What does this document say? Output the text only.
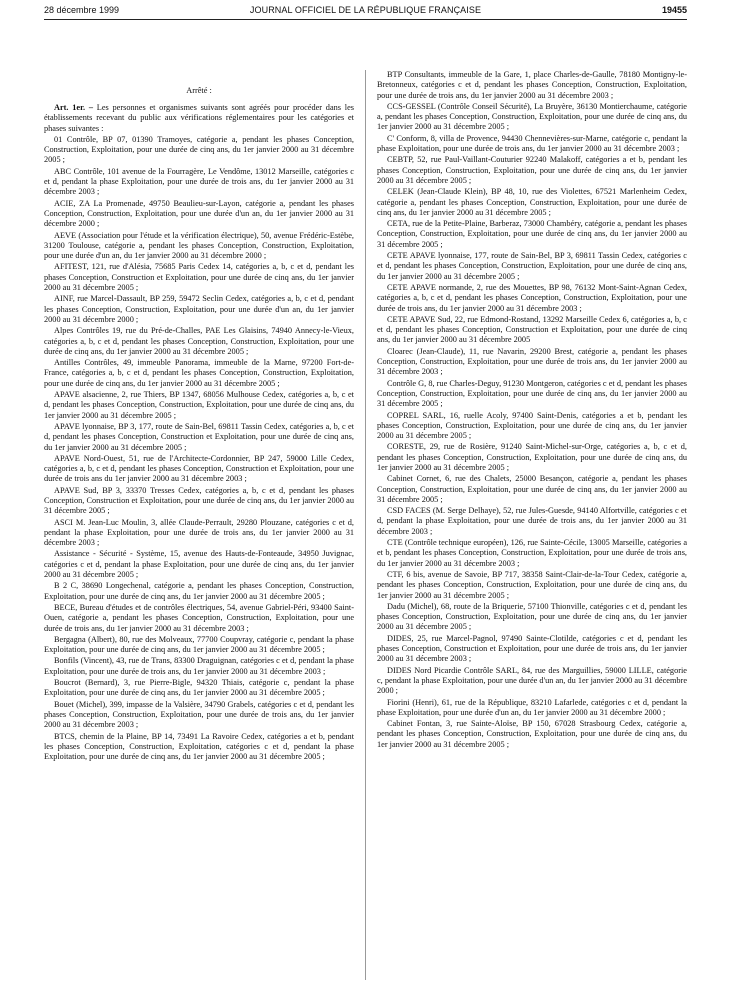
28 décembre 1999	JOURNAL OFFICIEL DE LA RÉPUBLIQUE FRANÇAISE	19455
Arrêté :

Art. 1er. – Les personnes et organismes suivants sont agréés pour procéder dans les établissements recevant du public aux vérifications réglementaires pour les catégories et phases suivantes :

01 Contrôle, BP 07, 01390 Tramoyes, catégorie a, pendant les phases Conception, Construction, Exploitation, pour une durée de cinq ans, du 1er janvier 2000 au 31 décembre 2005 ;

ABC Contrôle, 101 avenue de la Fourragère, Le Vendôme, 13012 Marseille, catégories c et d, pendant la phase Exploitation, pour une durée de trois ans, du 1er janvier 2000 au 31 décembre 2003 ;

ACIE, ZA La Promenade, 49750 Beaulieu-sur-Layon, catégorie a, pendant les phases Conception, Construction, Exploitation, pour une durée d'un an, du 1er janvier 2000 au 31 décembre 2000 ;

AEVE (Association pour l'étude et la vérification électrique), 50, avenue Frédéric-Estèbe, 31200 Toulouse, catégorie a, pendant les phases Conception, Construction, Exploitation, pour une durée d'un an, du 1er janvier 2000 au 31 décembre 2000 ;

AFITEST, 121, rue d'Alésia, 75685 Paris Cedex 14, catégories a, b, c et d, pendant les phases Conception, Construction et Exploitation, pour une durée de cinq ans, du 1er janvier 2000 au 31 décembre 2005 ;

AINF, rue Marcel-Dassault, BP 259, 59472 Seclin Cedex, catégories a, b, c et d, pendant les phases Conception, Construction, Exploitation, pour une durée d'un an, du 1er janvier 2000 au 31 décembre 2000 ;

Alpes Contrôles 19, rue du Pré-de-Challes, PAE Les Glaisins, 74940 Annecy-le-Vieux, catégories a, b, c et d, pendant les phases Conception, Construction, Exploitation, pour une durée de cinq ans, du 1er janvier 2000 au 31 décembre 2005 ;

Antilles Contrôles, 49, immeuble Panorama, immeuble de la Marne, 97200 Fort-de-France, catégories a, b, c et d, pendant les phases Conception, Construction, Exploitation, pour une durée de cinq ans, du 1er janvier 2000 au 31 décembre 2005 ;

APAVE alsacienne, 2, rue Thiers, BP 1347, 68056 Mulhouse Cedex, catégories a, b, c et d, pendant les phases Conception, Construction, Exploitation, pour une durée de cinq ans, du 1er janvier 2000 au 31 décembre 2005 ;

APAVE lyonnaise, BP 3, 177, route de Sain-Bel, 69811 Tassin Cedex, catégories a, b, c et d, pendant les phases Conception, Construction et Exploitation, pour une durée de cinq ans, du 1er janvier 2000 au 31 décembre 2005 ;

APAVE Nord-Ouest, 51, rue de l'Architecte-Cordonnier, BP 247, 59000 Lille Cedex, catégories a, b, c et d, pendant les phases Conception, Construction et Exploitation, pour une durée de trois ans du 1er janvier 2000 au 31 décembre 2003 ;

APAVE Sud, BP 3, 33370 Tresses Cedex, catégories a, b, c et d, pendant les phases Conception, Construction et Exploitation, pour une durée de cinq ans, du 1er janvier 2000 au 31 décembre 2005 ;

ASCI M. Jean-Luc Moulin, 3, allée Claude-Perrault, 29280 Plouzane, catégories c et d, pendant la phase Exploitation, pour une durée de trois ans, du 1er janvier 2000 au 31 décembre 2003 ;

Assistance - Sécurité - Système, 15, avenue des Hauts-de-Fonteaude, 34950 Juvignac, catégories c et d, pendant la phase Exploitation, pour une durée de cinq ans, du 1er janvier 2000 au 31 décembre 2005 ;

B 2 C, 38690 Longechenal, catégorie a, pendant les phases Conception, Construction, Exploitation, pour une durée de cinq ans, du 1er janvier 2000 au 31 décembre 2005 ;

BECE, Bureau d'études et de contrôles électriques, 54, avenue Gabriel-Péri, 93400 Saint-Ouen, catégorie a, pendant les phases Conception, Construction, Exploitation, pour une durée de trois ans, du 1er janvier 2000 au 31 décembre 2003 ;

Bergagna (Albert), 80, rue des Molveaux, 77700 Coupvray, catégorie c, pendant la phase Exploitation, pour une durée de cinq ans, du 1er janvier 2000 au 31 décembre 2005 ;

Bonfils (Vincent), 43, rue de Trans, 83300 Draguignan, catégories c et d, pendant la phase Exploitation, pour une durée de trois ans, du 1er janvier 2000 au 31 décembre 2003 ;

Boucrot (Bernard), 3, rue Pierre-Bigle, 94320 Thiais, catégorie c, pendant la phase Exploitation, pour une durée de cinq ans, du 1er janvier 2000 au 31 décembre 2005 ;

Bouet (Michel), 399, impasse de la Valsière, 34790 Grabels, catégories c et d, pendant les phases Conception, Construction, Exploitation, pour une durée de trois ans, du 1er janvier 2000 au 31 décembre 2003 ;

BTCS, chemin de la Plaine, BP 14, 73491 La Ravoire Cedex, catégories a et b, pendant les phases Conception, Construction, Exploitation, catégories c et d, pendant la phase Exploitation, pour une durée de cinq ans, du 1er janvier 2000 au 31 décembre 2005 ;

BTP Consultants, immeuble de la Gare, 1, place Charles-de-Gaulle, 78180 Montigny-le-Bretonneux, catégories c et d, pendant les phases Conception, Construction, Exploitation, pour une durée de trois ans, du 1er janvier 2000 au 31 décembre 2003 ;

CCS-GESSEL (Contrôle Conseil Sécurité), La Bruyère, 36130 Montierchaume, catégorie a, pendant les phases Conception, Construction, Exploitation, pour une durée de cinq ans, du 1er janvier 2000 au 31 décembre 2005 ;

C' Conform, 8, villa de Provence, 94430 Chennevières-sur-Marne, catégorie c, pendant la phase Exploitation, pour une durée de trois ans, du 1er janvier 2000 au 31 décembre 2003 ;

CEBTP, 52, rue Paul-Vaillant-Couturier 92240 Malakoff, catégories a et b, pendant les phases Conception, Construction, Exploitation, pour une durée de cinq ans, du 1er janvier 2000 au 31 décembre 2005 ;

CELEK (Jean-Claude Klein), BP 48, 10, rue des Violettes, 67521 Marlenheim Cedex, catégorie a, pendant les phases Conception, Construction, Exploitation, pour une durée de cinq ans, du 1er janvier 2000 au 31 décembre 2005 ;

CETA, rue de la Petite-Plaine, Barberaz, 73000 Chambéry, catégorie a, pendant les phases Conception, Construction, Exploitation, pour une durée de cinq ans, du 1er janvier 2000 au 31 décembre 2005 ;

CETE APAVE lyonnaise, 177, route de Sain-Bel, BP 3, 69811 Tassin Cedex, catégories c et d, pendant les phases Conception, Construction, Exploitation, pour une durée de cinq ans, du 1er janvier 2000 au 31 décembre 2005 ;

CETE APAVE normande, 2, rue des Mouettes, BP 98, 76132 Mont-Saint-Agnan Cedex, catégories a, b, c et d, pendant les phases Conception, Construction, Exploitation, pour une durée de trois ans, du 1er janvier 2000 au 31 décembre 2003 ;

CETE APAVE Sud, 22, rue Edmond-Rostand, 13292 Marseille Cedex 6, catégories a, b, c et d, pendant les phases Conception, Construction et Exploitation, pour une durée de cinq ans, du 1er janvier 2000 au 31 décembre 2005

Cloarec (Jean-Claude), 11, rue Navarin, 29200 Brest, catégorie a, pendant les phases Conception, Construction, Exploitation, pour une durée de trois ans, du 1er janvier 2000 au 31 décembre 2003 ;

Contrôle G, 8, rue Charles-Deguy, 91230 Montgeron, catégories c et d, pendant les phases Conception, Construction, Exploitation, pour une durée de cinq ans, du 1er janvier 2000 au 31 décembre 2005 ;

COPREL SARL, 16, ruelle Acoly, 97400 Saint-Denis, catégories a et b, pendant les phases Conception, Construction, Exploitation, pour une durée de cinq ans, du 1er janvier 2000 au 31 décembre 2005 ;

CORESTE, 29, rue de Rosière, 91240 Saint-Michel-sur-Orge, catégories a, b, c et d, pendant les phases Conception, Construction, Exploitation, pour une durée de cinq ans, du 1er janvier 2000 au 31 décembre 2005 ;

Cabinet Cornet, 6, rue des Chalets, 25000 Besançon, catégorie a, pendant les phases Conception, Construction, Exploitation, pour une durée de cinq ans, du 1er janvier 2000 au 31 décembre 2005 ;

CSD FACES (M. Serge Delhaye), 52, rue Jules-Guesde, 94140 Alfortville, catégories c et d, pendant la phase Exploitation, pour une durée de trois ans, du 1er janvier 2000 au 31 décembre 2003 ;

CTE (Contrôle technique européen), 126, rue Sainte-Cécile, 13005 Marseille, catégories a et b, pendant les phases Conception, Construction, Exploitation, pour une durée de trois ans, du 1er janvier 2000 au 31 décembre 2003 ;

CTF, 6 bis, avenue de Savoie, BP 717, 38358 Saint-Clair-de-la-Tour Cedex, catégorie a, pendant les phases Conception, Construction, Exploitation, pour une durée de cinq ans, du 1er janvier 2000 au 31 décembre 2005 ;

Dadu (Michel), 68, route de la Briquerie, 57100 Thionville, catégories c et d, pendant les phases Conception, Construction, Exploitation, pour une durée de cinq ans, du 1er janvier 2000 au 31 décembre 2005 ;

DIDES, 25, rue Marcel-Pagnol, 97490 Sainte-Clotilde, catégories c et d, pendant les phases Conception, Construction et Exploitation, pour une durée de trois ans, du 1er janvier 2000 au 31 décembre 2003 ;

DIDES Nord Picardie Contrôle SARL, 84, rue des Marguillies, 59000 LILLE, catégorie c, pendant la phase Exploitation, pour une durée d'un an, du 1er janvier 2000 au 31 décembre 2000 ;

Fiorini (Henri), 61, rue de la République, 83210 Lafarlede, catégories c et d, pendant la phase Exploitation, pour une durée d'un an, du 1er janvier 2000 au 31 décembre 2000 ;

Cabinet Fontan, 3, rue Sainte-Aloïse, BP 150, 67028 Strasbourg Cedex, catégorie a, pendant les phases Conception, Construction, Exploitation, pour une durée de cinq ans, du 1er janvier 2000 au 31 décembre 2005 ;
